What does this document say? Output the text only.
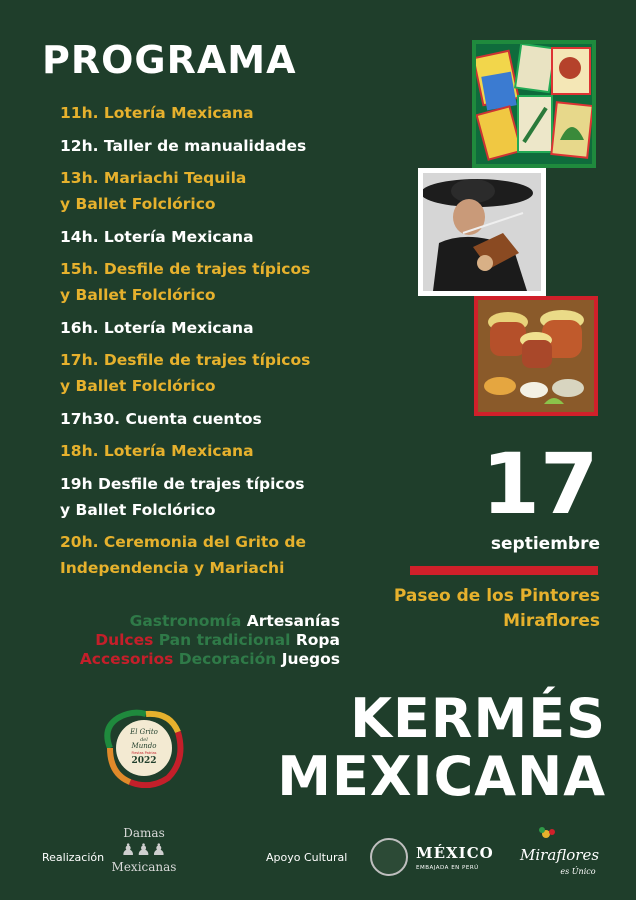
PROGRAMA
11h. Lotería Mexicana
12h. Taller de manualidades
13h. Mariachi Tequila
y Ballet Folclórico
14h. Lotería Mexicana
15h. Desfile de trajes típicos
y Ballet Folclórico
16h. Lotería Mexicana
17h. Desfile de trajes típicos
y Ballet Folclórico
17h30. Cuenta cuentos
18h. Lotería Mexicana
19h Desfile de trajes típicos
y Ballet Folclórico
20h. Ceremonia del Grito de
Independencia y Mariachi
Gastronomía Artesanías
Dulces Pan tradicional Ropa
Accesorios Decoración Juegos
17
septiembre
Paseo de los Pintores
Miraflores
KERMÉS
MEXICANA
El Grito
del
Mundo
Fiestas Patrias
2022
Realización
Damas
♟♟♟
Mexicanas
Apoyo Cultural	MÉXICO
EMBAJADA EN PERÚ
Miraflores
es Único
